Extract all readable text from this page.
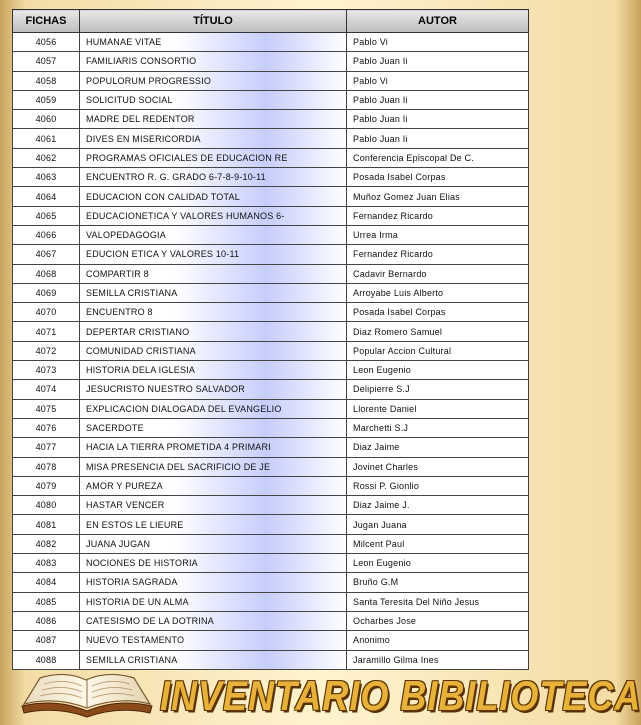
FICHAS	TÍTULO	AUTOR
4056	HUMANAE VITAE	Pablo Vi
4057	FAMILIARIS CONSORTIO	Pablo Juan Ii
4058	POPULORUM PROGRESSIO	Pablo Vi
4059	SOLICITUD SOCIAL	Pablo Juan Ii
4060	MADRE DEL REDENTOR	Pablo Juan Ii
4061	DIVES EN MISERICORDIA	Pablo Juan Ii
4062	PROGRAMAS OFICIALES DE EDUCACION RE	Conferencia Episcopal De C.
4063	ENCUENTRO R. G. GRADO 6-7-8-9-10-11	Posada Isabel Corpas
4064	EDUCACION CON CALIDAD TOTAL	Muñoz Gomez Juan Elias
4065	EDUCACIONETICA Y VALORES HUMANOS 6-	Fernandez Ricardo
4066	VALOPEDAGOGIA	Urrea Irma
4067	EDUCION ETICA Y VALORES 10-11	Fernandez Ricardo
4068	COMPARTIR 8	Cadavir Bernardo
4069	SEMILLA CRISTIANA	Arroyabe Luis Alberto
4070	ENCUENTRO 8	Posada Isabel Corpas
4071	DEPERTAR CRISTIANO	Diaz Romero Samuel
4072	COMUNIDAD CRISTIANA	Popular Accion Cultural
4073	HISTORIA DELA IGLESIA	Leon Eugenio
4074	JESUCRISTO NUESTRO SALVADOR	Delipierre S.J
4075	EXPLICACION DIALOGADA DEL EVANGELIO	Llorente Daniel
4076	SACERDOTE	Marchetti S.J
4077	HACIA LA TIERRA PROMETIDA 4 PRIMARI	Diaz Jaime
4078	MISA PRESENCIA DEL SACRIFICIO DE JE	Jovinet Charles
4079	AMOR Y PUREZA	Rossi P. Gionlio
4080	HASTAR VENCER	Diaz Jaime J.
4081	EN ESTOS LE LIEURE	Jugan Juana
4082	JUANA JUGAN	Milcent Paul
4083	NOCIONES DE HISTORIA	Leon Eugenio
4084	HISTORIA SAGRADA	Bruño G.M
4085	HISTORIA DE UN ALMA	Santa Teresita Del Niño Jesus
4086	CATESISMO DE LA DOTRINA	Ocharbes Jose
4087	NUEVO TESTAMENTO	Anonimo
4088	SEMILLA CRISTIANA	Jaramillo Gilma Ines
INVENTARIO BIBILIOTECA
